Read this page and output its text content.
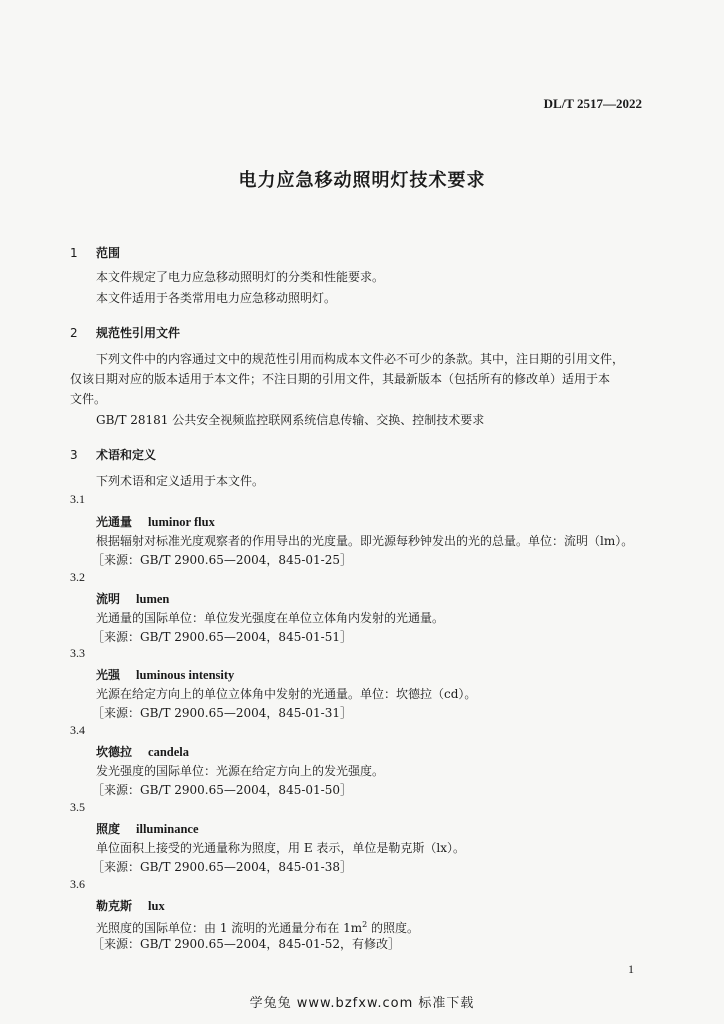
DL/T 2517—2022
电力应急移动照明灯技术要求
1 范围
本文件规定了电力应急移动照明灯的分类和性能要求。
本文件适用于各类常用电力应急移动照明灯。
2 规范性引用文件
下列文件中的内容通过文中的规范性引用而构成本文件必不可少的条款。其中，注日期的引用文件，
仅该日期对应的版本适用于本文件；不注日期的引用文件，其最新版本（包括所有的修改单）适用于本
文件。
GB/T 28181 公共安全视频监控联网系统信息传输、交换、控制技术要求
3 术语和定义
下列术语和定义适用于本文件。
3.1
光通量 luminor flux
根据辐射对标准光度观察者的作用导出的光度量。即光源每秒钟发出的光的总量。单位：流明（lm）。
［来源：GB/T 2900.65—2004，845-01-25］
3.2
流明 lumen
光通量的国际单位：单位发光强度在单位立体角内发射的光通量。
［来源：GB/T 2900.65—2004，845-01-51］
3.3
光强 luminous intensity
光源在给定方向上的单位立体角中发射的光通量。单位：坎德拉（cd）。
［来源：GB/T 2900.65—2004，845-01-31］
3.4
坎德拉 candela
发光强度的国际单位：光源在给定方向上的发光强度。
［来源：GB/T 2900.65—2004，845-01-50］
3.5
照度 illuminance
单位面积上接受的光通量称为照度，用 E 表示，单位是勒克斯（lx）。
［来源：GB/T 2900.65—2004，845-01-38］
3.6
勒克斯 lux
光照度的国际单位：由 1 流明的光通量分布在 $1m^2$ 的照度。
［来源：GB/T 2900.65—2004，845-01-52，有修改］
1
学兔兔 www.bzfxw.com 标准下载
